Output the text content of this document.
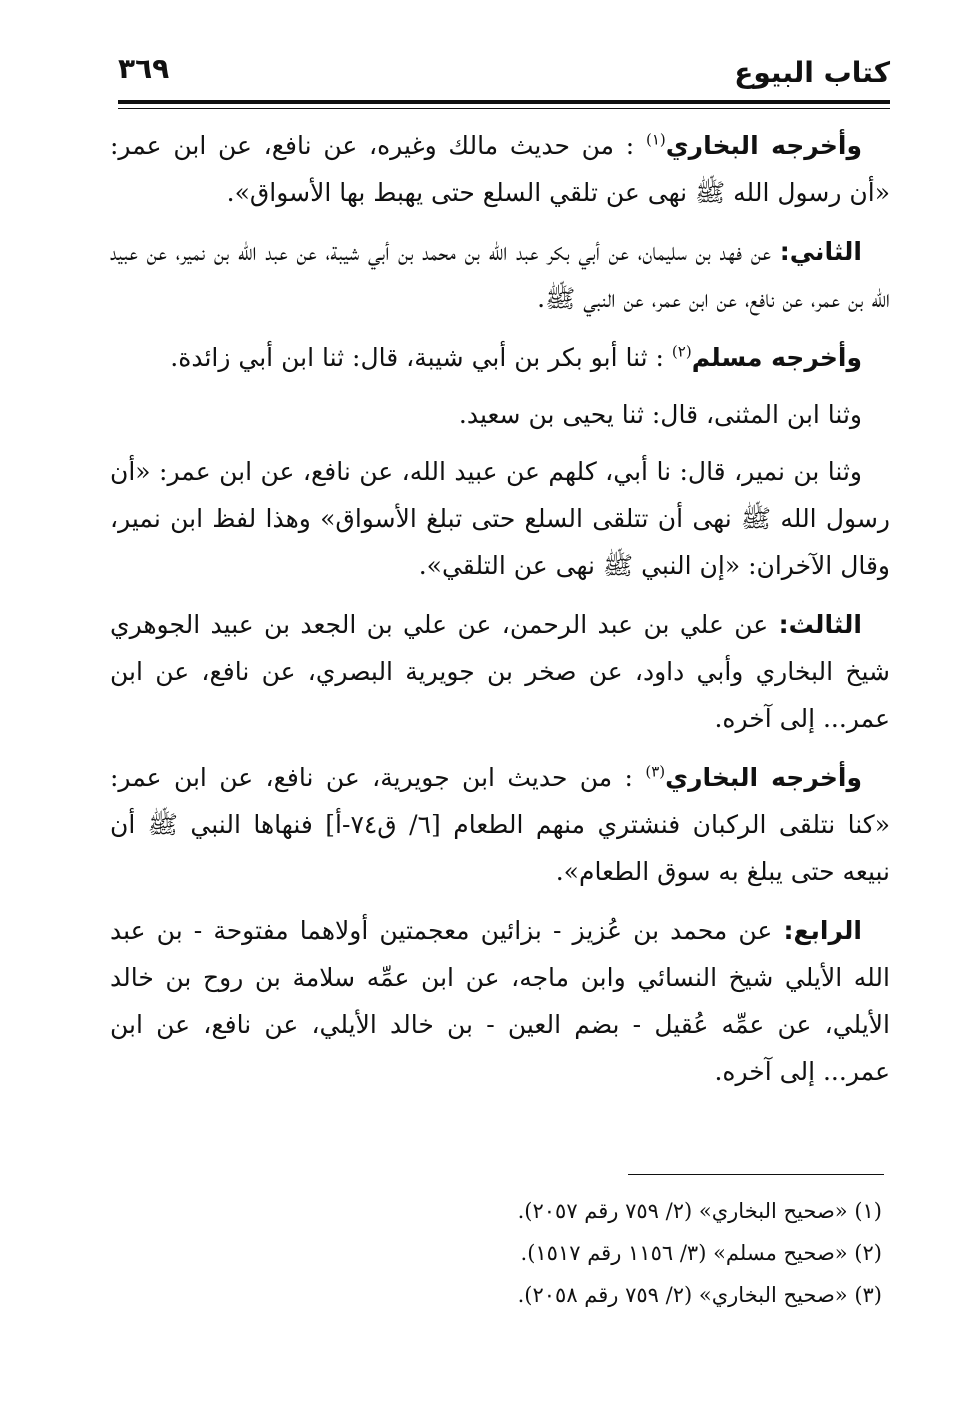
كتاب البيوع
٣٦٩

وأخرجه البخاري$^{(١)}$ : من حديث مالك وغيره، عن نافع، عن ابن عمر: «أن رسول الله ﷺ نهى عن تلقي السلع حتى يهبط بها الأسواق».

الثاني: عن فهد بن سليمان، عن أبي بكر عبد الله بن محمد بن أبي شيبة، عن عبد الله بن نمير، عن عبيد الله بن عمر، عن نافع، عن ابن عمر، عن النبي ﷺ.

وأخرجه مسلم$^{(٢)}$ : ثنا أبو بكر بن أبي شيبة، قال: ثنا ابن أبي زائدة.

وثنا ابن المثنى، قال: ثنا يحيى بن سعيد.

وثنا بن نمير، قال: نا أبي، كلهم عن عبيد الله، عن نافع، عن ابن عمر: «أن رسول الله ﷺ نهى أن تتلقى السلع حتى تبلغ الأسواق» وهذا لفظ ابن نمير، وقال الآخران: «إن النبي ﷺ نهى عن التلقي».

الثالث: عن علي بن عبد الرحمن، عن علي بن الجعد بن عبيد الجوهري شيخ البخاري وأبي داود، عن صخر بن جويرية البصري، عن نافع، عن ابن عمر... إلى آخره.

وأخرجه البخاري$^{(٣)}$ : من حديث ابن جويرية، عن نافع، عن ابن عمر: «كنا نتلقى الركبان فنشتري منهم الطعام [٦/ ق٧٤-أ] فنهاها النبي ﷺ أن نبيعه حتى يبلغ به سوق الطعام».

الرابع: عن محمد بن عُزيز - بزائين معجمتين أولاهما مفتوحة - بن عبد الله الأيلي شيخ النسائي وابن ماجه، عن ابن عمِّه سلامة بن روح بن خالد الأيلي، عن عمِّه عُقيل - بضم العين - بن خالد الأيلي، عن نافع، عن ابن عمر... إلى آخره.

(١) «صحيح البخاري» (٢/ ٧٥٩ رقم ٢٠٥٧).

(٢) «صحيح مسلم» (٣/ ١١٥٦ رقم ١٥١٧).

(٣) «صحيح البخاري» (٢/ ٧٥٩ رقم ٢٠٥٨).
